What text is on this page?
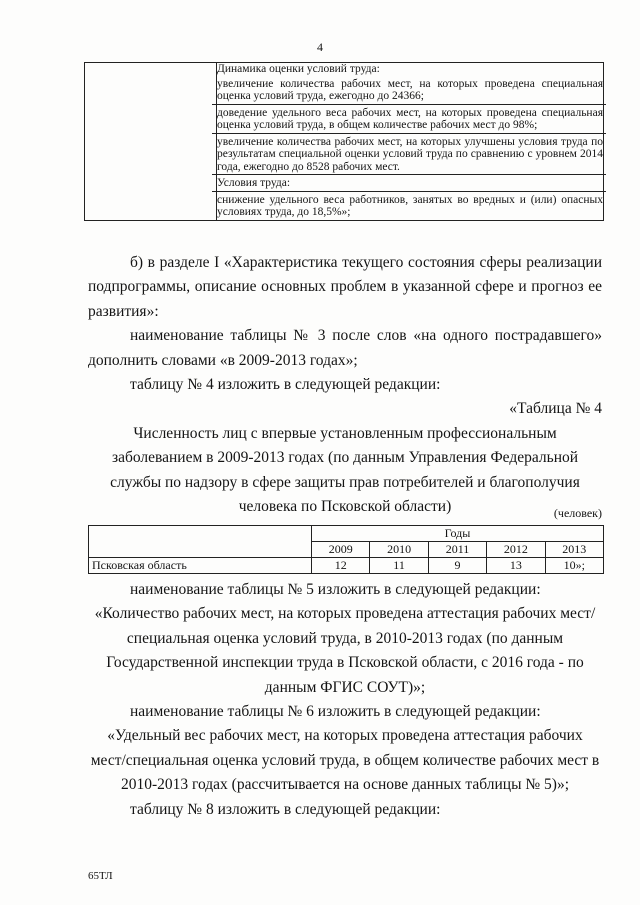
4

Динамика оценки условий труда:

увеличение количества рабочих мест, на которых проведена специальная оценка условий труда, ежегодно до 24366;

доведение удельного веса рабочих мест, на которых проведена специальная оценка условий труда, в общем количестве рабочих мест до 98%;

увеличение количества рабочих мест, на которых улучшены условия труда по результатам специальной оценки условий труда по сравнению с уровнем 2014 года, ежегодно до 8528 рабочих мест.

Условия труда:

снижение удельного веса работников, занятых во вредных и (или) опасных условиях труда, до 18,5%»;

б) в разделе I «Характеристика текущего состояния сферы реализации подпрограммы, описание основных проблем в указанной сфере и прогноз ее развития»:

наименование таблицы № 3 после слов «на одного пострадавшего» дополнить словами «в 2009-2013 годах»;

таблицу № 4 изложить в следующей редакции:

«Таблица № 4

Численность лиц с впервые установленным профессиональным заболеванием в 2009-2013 годах (по данным Управления Федеральной службы по надзору в сфере защиты прав потребителей и благополучия человека по Псковской области)	(человек)
	Годы				
	2009	2010	2011	2012	2013
Псковская область	12	11	9	13	10»;

наименование таблицы № 5 изложить в следующей редакции:

«Количество рабочих мест, на которых проведена аттестация рабочих мест/специальная оценка условий труда, в 2010-2013 годах (по данным Государственной инспекции труда в Псковской области, с 2016 года - по данным ФГИС СОУТ)»;

наименование таблицы № 6 изложить в следующей редакции:

«Удельный вес рабочих мест, на которых проведена аттестация рабочих мест/специальная оценка условий труда, в общем количестве рабочих мест в 2010-2013 годах (рассчитывается на основе данных таблицы № 5)»;

таблицу № 8 изложить в следующей редакции:

65ТЛ
